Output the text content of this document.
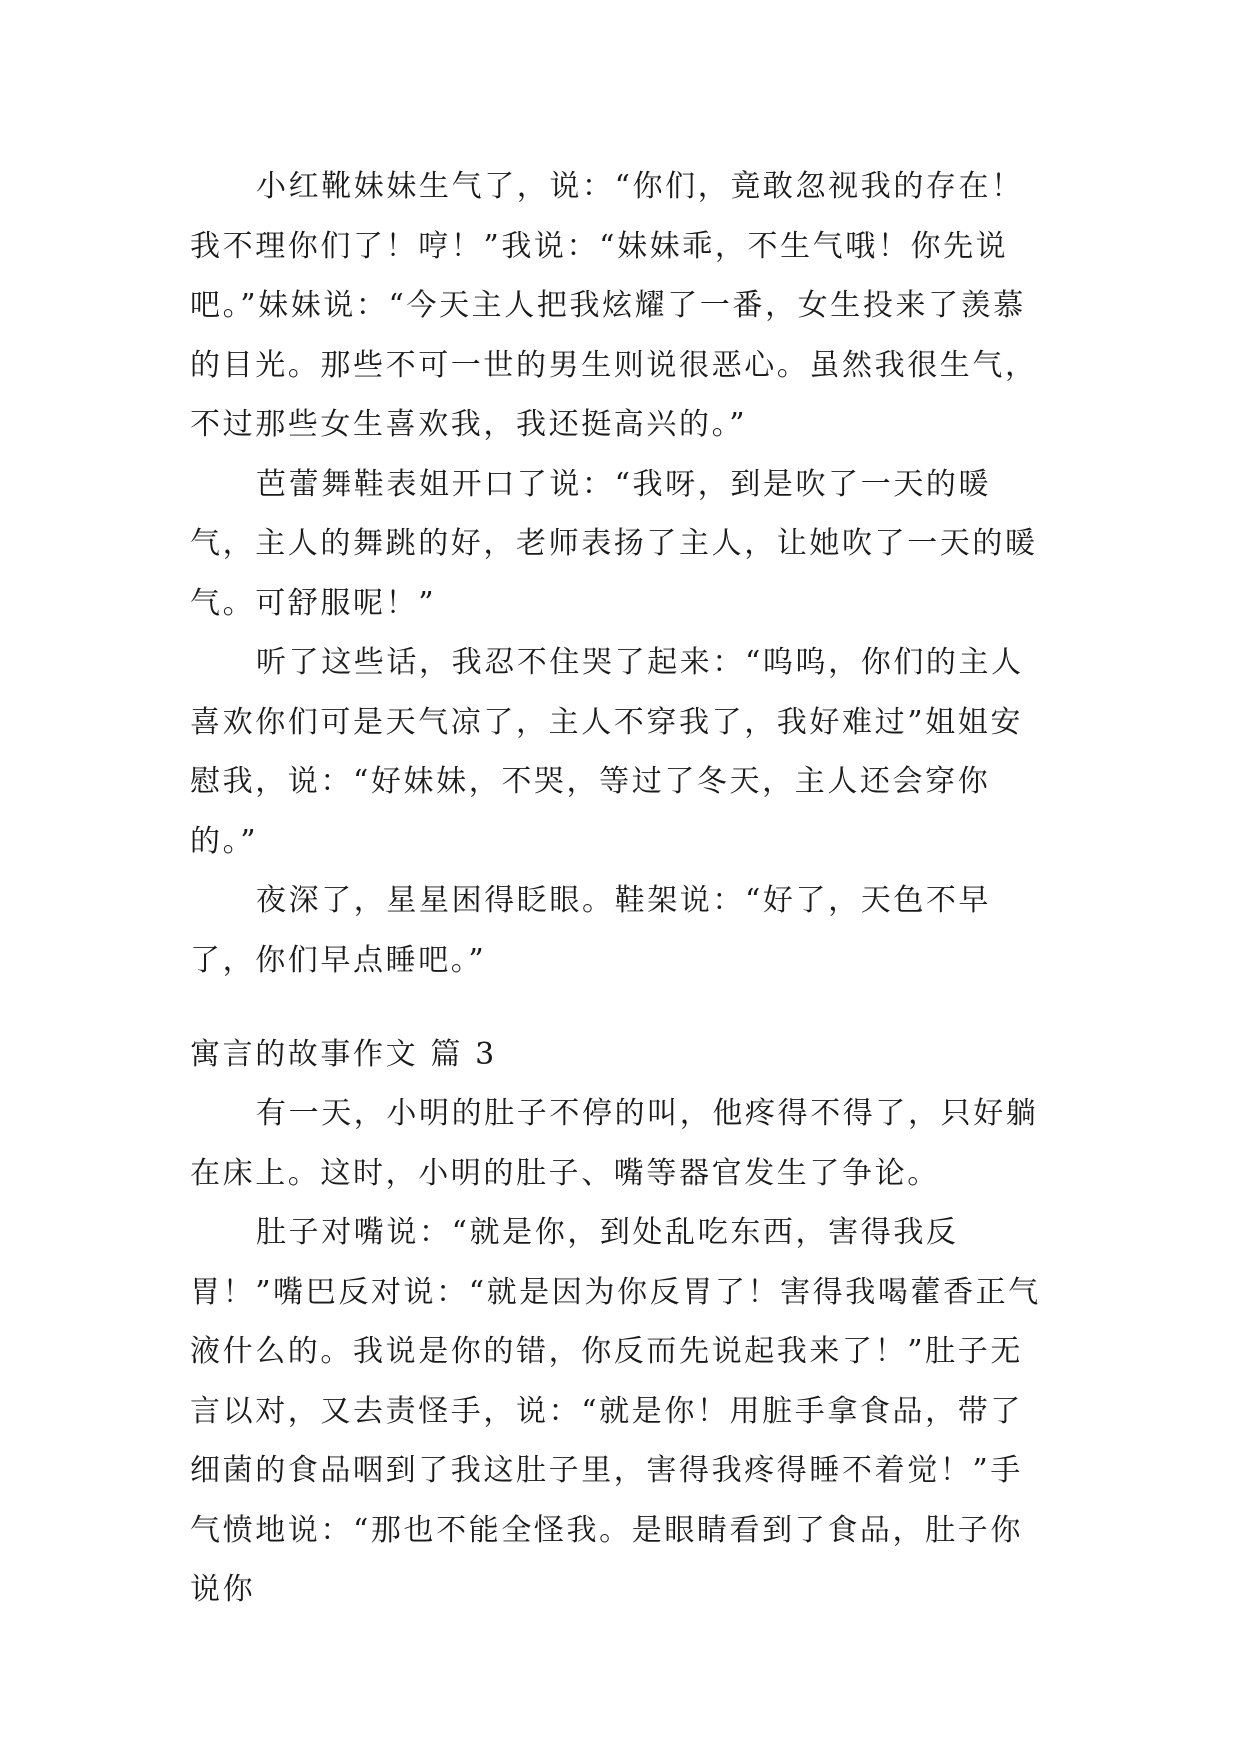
小红靴妹妹生气了，说：“你们，竟敢忽视我的存在！我不理你们了！哼！”我说：“妹妹乖，不生气哦！你先说吧。”妹妹说：“今天主人把我炫耀了一番，女生投来了羡慕的目光。那些不可一世的男生则说很恶心。虽然我很生气，不过那些女生喜欢我，我还挺高兴的。”

芭蕾舞鞋表姐开口了说：“我呀，到是吹了一天的暖气，主人的舞跳的好，老师表扬了主人，让她吹了一天的暖气。可舒服呢！”

听了这些话，我忍不住哭了起来：“呜呜，你们的主人喜欢你们可是天气凉了，主人不穿我了，我好难过”姐姐安慰我，说：“好妹妹，不哭，等过了冬天，主人还会穿你的。”

夜深了，星星困得眨眼。鞋架说：“好了，天色不早了，你们早点睡吧。”

寓言的故事作文 篇 3

有一天，小明的肚子不停的叫，他疼得不得了，只好躺在床上。这时，小明的肚子、嘴等器官发生了争论。

肚子对嘴说：“就是你，到处乱吃东西，害得我反胃！”嘴巴反对说：“就是因为你反胃了！害得我喝藿香正气液什么的。我说是你的错，你反而先说起我来了！”肚子无言以对，又去责怪手，说：“就是你！用脏手拿食品，带了细菌的食品咽到了我这肚子里，害得我疼得睡不着觉！”手气愤地说：“那也不能全怪我。是眼睛看到了食品，肚子你说你
